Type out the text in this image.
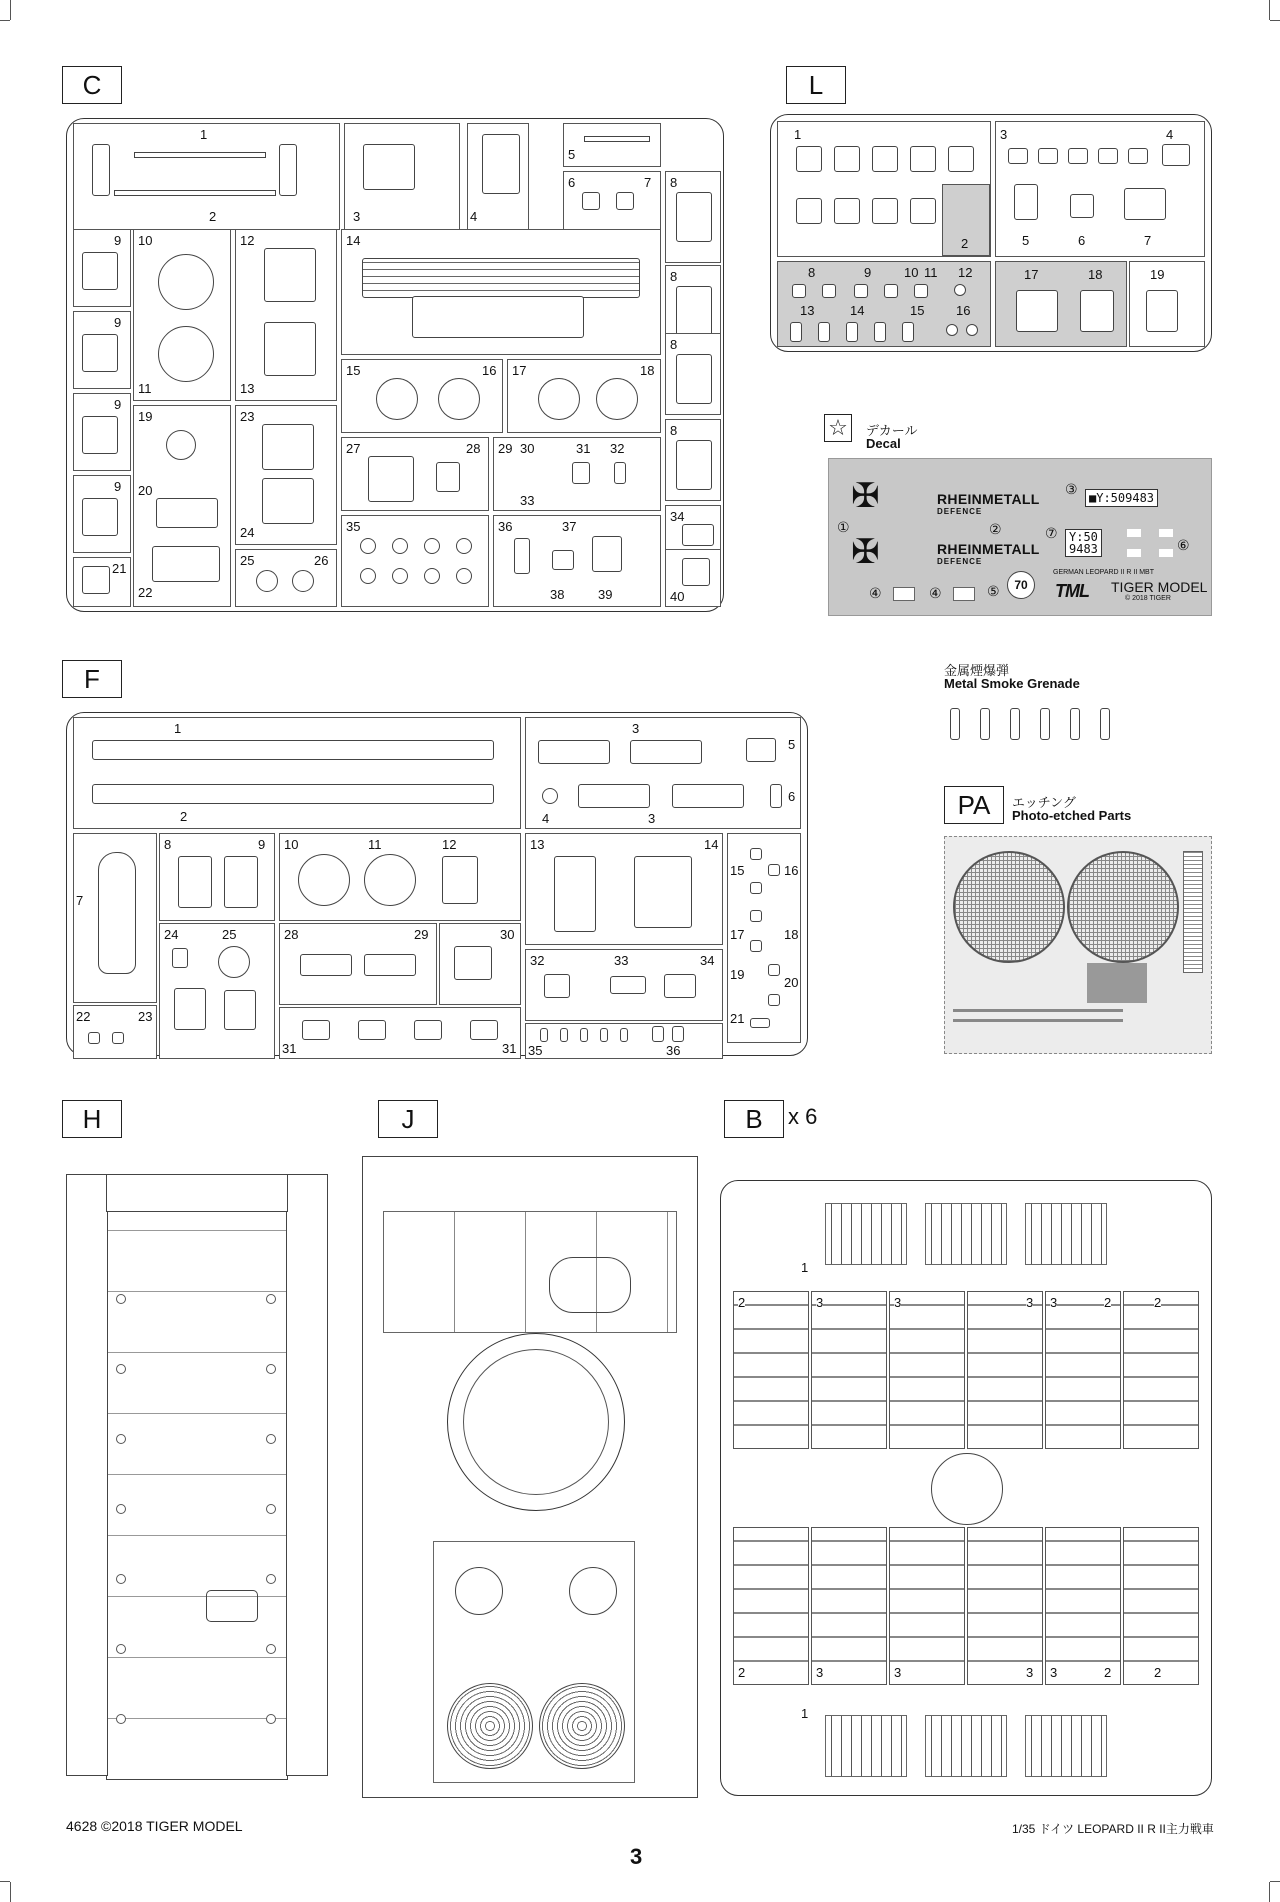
C
1
2	3	4
5
6	7 8
8
8
8
9
9
9
9
21
10
11
12
13
14
15	16 17	18
19
20
22
23
24
25	26
27	28 29 30	31 32
33
34
35	36	37
38	39	40
L
1
2
3	4
5	6	7
8	9	10 11 12
13	14	15 16
17	18	19
☆	デカール
Decal
✠
✠
①
RHEINMETALL
DEFENCE
②
RHEINMETALL
DEFENCE
③
■Y:509483
⑦ Y:50
9483	⑥
④	④	⑤	70
GERMAN LEOPARD II R II MBT
TML TIGER MODEL
© 2018 TIGER
金属煙爆弾
Metal Smoke Grenade
PA	エッチング
Photo-etched Parts
F
1
2
3
5
6
4	3
7
8	9 10	11	12	13	14
15	16
17	18
19
20
21
24	25	28	29	30
32	33	34
22	23
31	31 35	36
H	J	B	x 6
1
1
2	3	3	3 3	2	2
2	3	3	3 3	2	2
4628 ©2018 TIGER MODEL
3
1/35 ドイツ LEOPARD II R II主力戦車
